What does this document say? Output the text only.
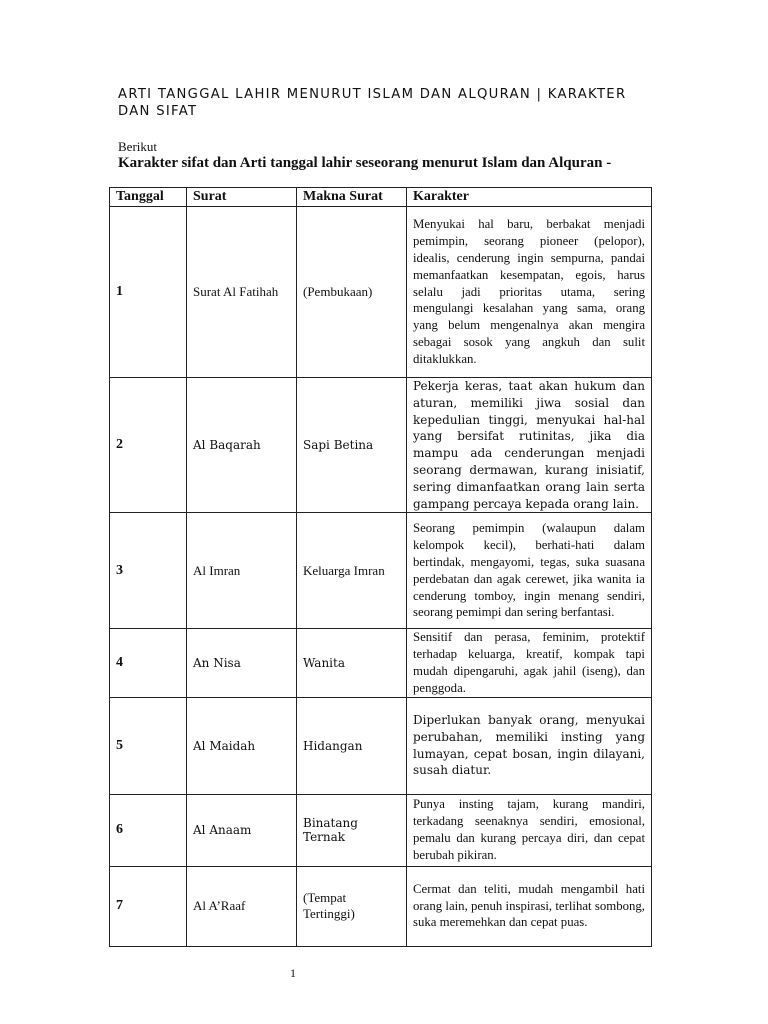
ARTI TANGGAL LAHIR MENURUT ISLAM DAN ALQURAN | KARAKTER DAN SIFAT
Berikut
Karakter sifat dan Arti tanggal lahir seseorang menurut Islam dan Alquran -
Tanggal	Surat	Makna Surat	Karakter
1	Surat Al Fatihah	(Pembukaan)	Menyukai hal baru, berbakat menjadi pemimpin, seorang pioneer (pelopor), idealis, cenderung ingin sempurna, pandai memanfaatkan kesempatan, egois, harus selalu jadi prioritas utama, sering mengulangi kesalahan yang sama, orang yang belum mengenalnya akan mengira sebagai sosok yang angkuh dan sulit ditaklukkan.
2	Al Baqarah	Sapi Betina	Pekerja keras, taat akan hukum dan aturan, memiliki jiwa sosial dan kepedulian tinggi, menyukai hal-hal yang bersifat rutinitas, jika dia mampu ada cenderungan menjadi seorang dermawan, kurang inisiatif, sering dimanfaatkan orang lain serta gampang percaya kepada orang lain.
3	Al Imran	Keluarga Imran	Seorang pemimpin (walaupun dalam kelompok kecil), berhati-hati dalam bertindak, mengayomi, tegas, suka suasana perdebatan dan agak cerewet, jika wanita ia cenderung tomboy, ingin menang sendiri, seorang pemimpi dan sering berfantasi.
4	An Nisa	Wanita	Sensitif dan perasa, feminim, protektif terhadap keluarga, kreatif, kompak tapi mudah dipengaruhi, agak jahil (iseng), dan penggoda.
5	Al Maidah	Hidangan	Diperlukan banyak orang, menyukai perubahan, memiliki insting yang lumayan, cepat bosan, ingin dilayani, susah diatur.
6	Al Anaam	Binatang Ternak	Punya insting tajam, kurang mandiri, terkadang seenaknya sendiri, emosional, pemalu dan kurang percaya diri, dan cepat berubah pikiran.
7	Al A’Raaf	(Tempat Tertinggi)	Cermat dan teliti, mudah mengambil hati orang lain, penuh inspirasi, terlihat sombong, suka meremehkan dan cepat puas.
1
